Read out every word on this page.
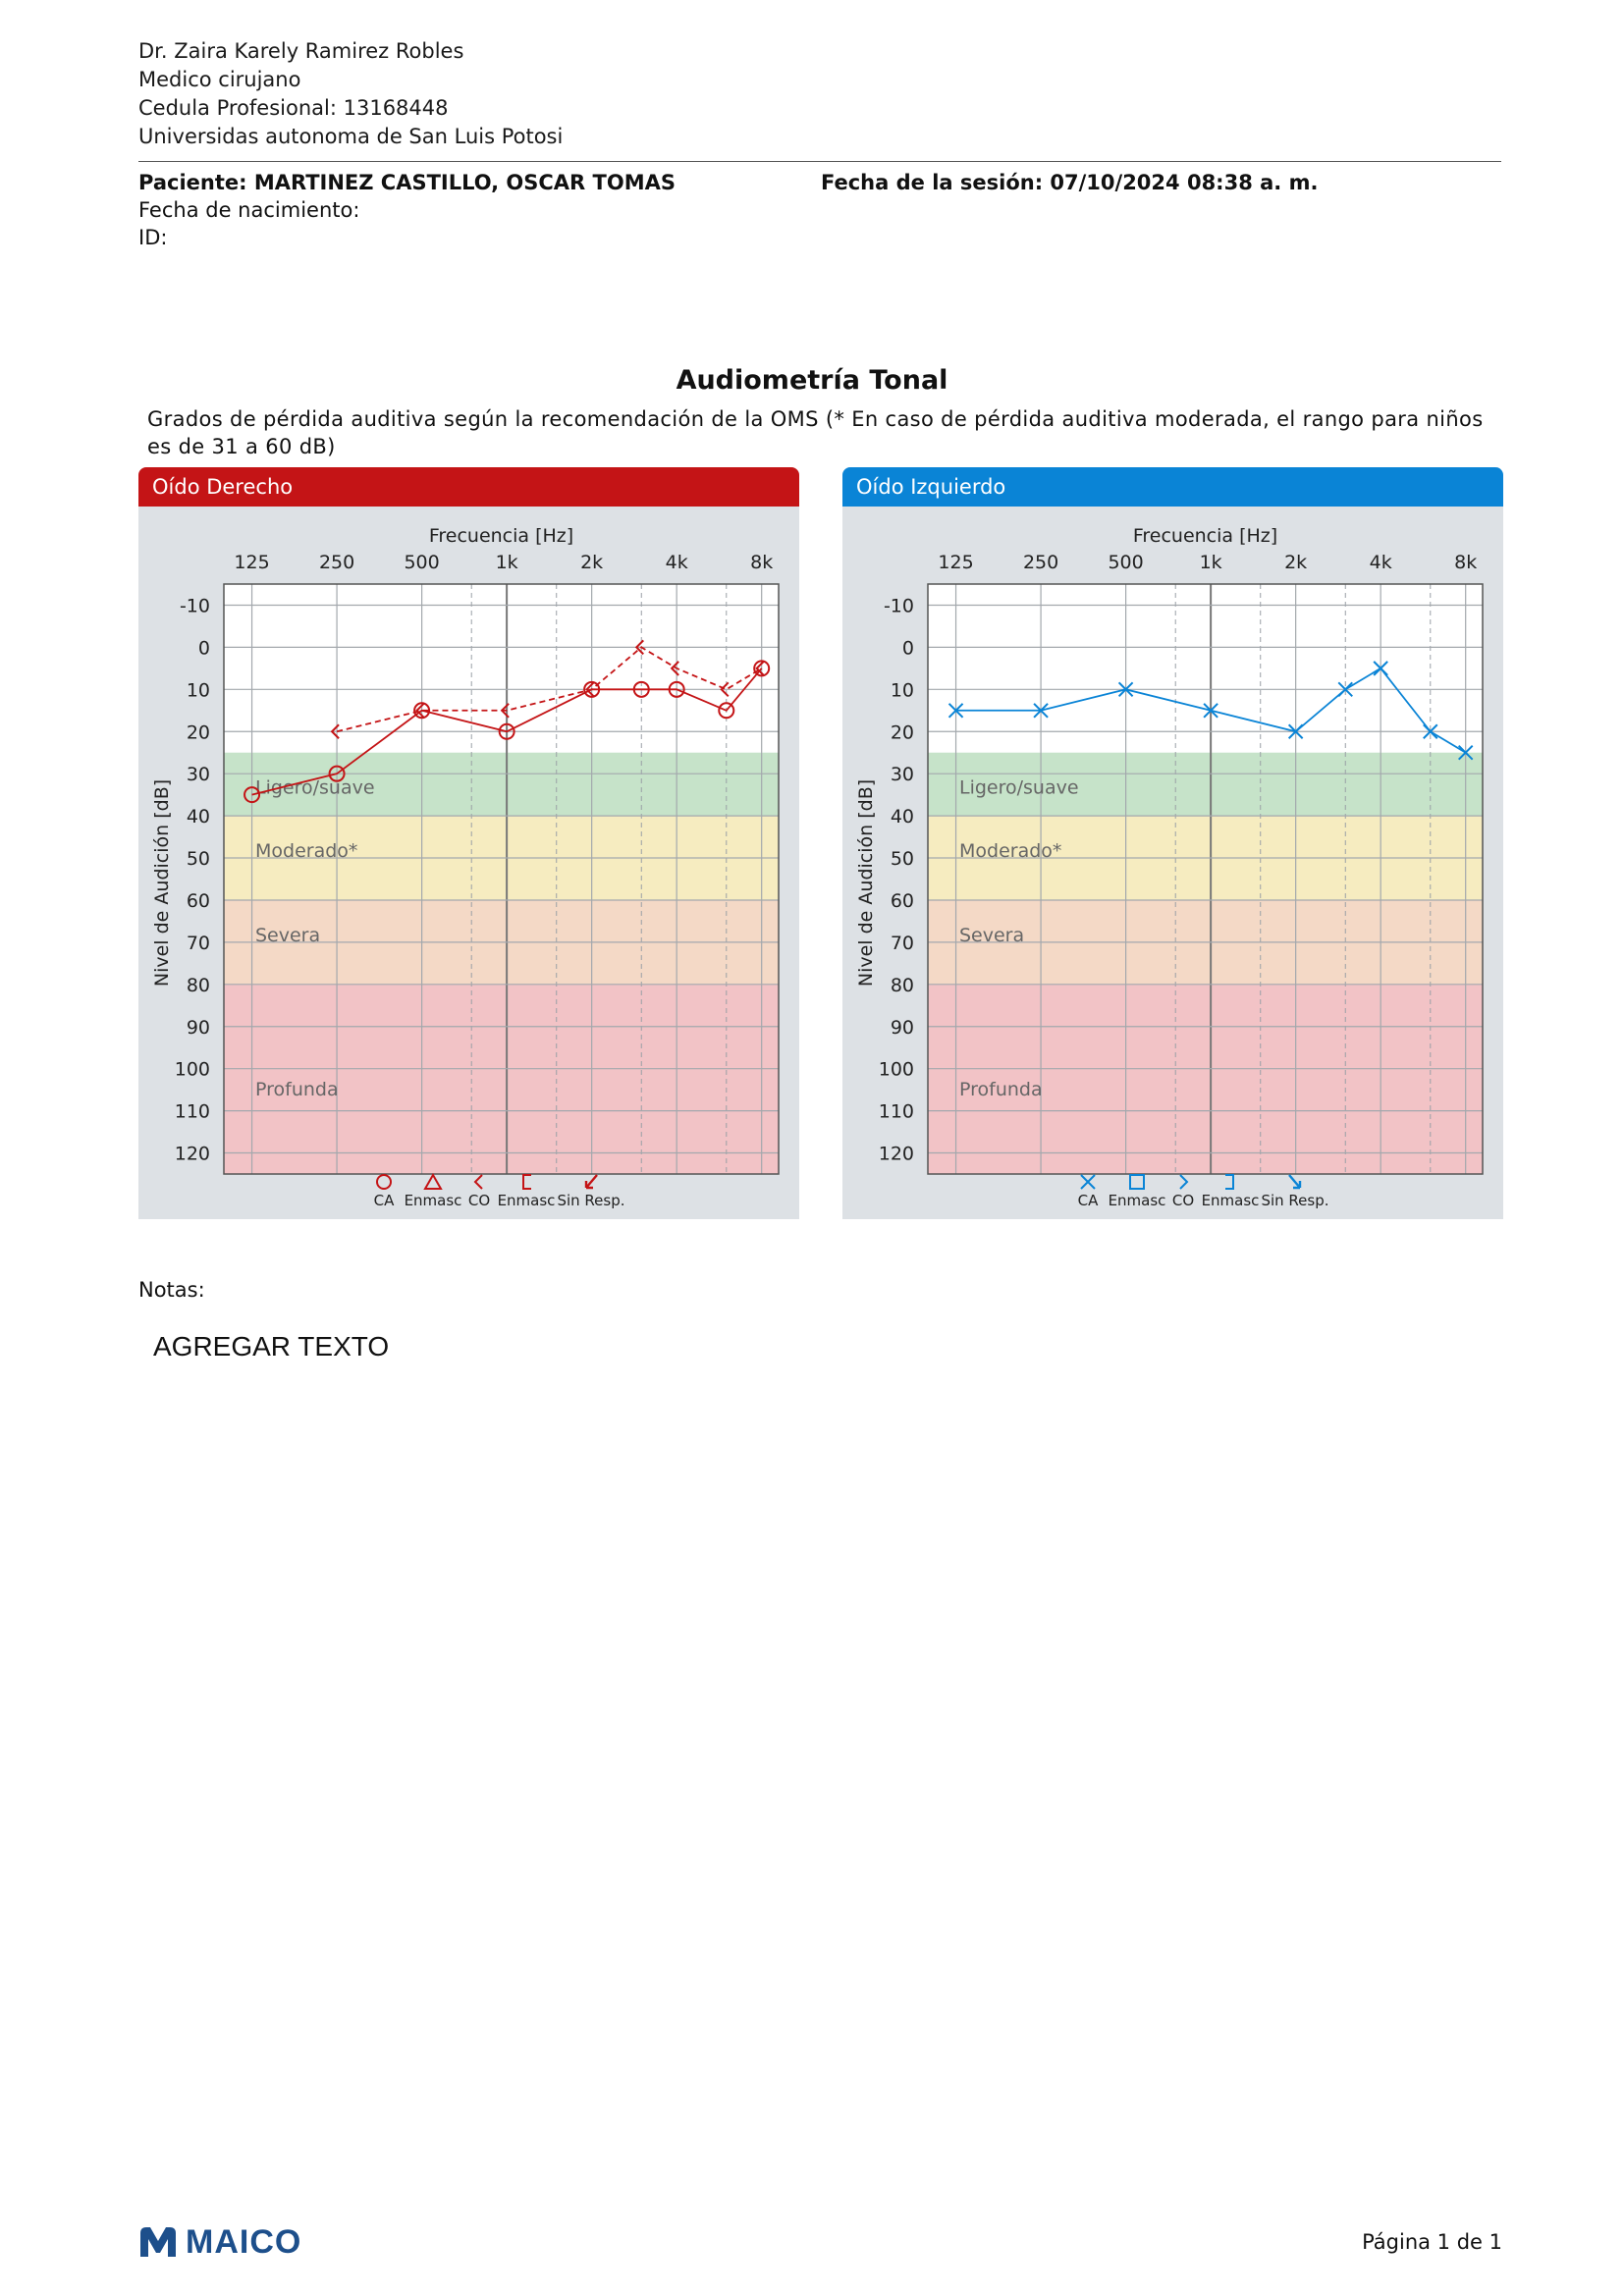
Dr. Zaira Karely Ramirez Robles
Medico cirujano
Cedula Profesional: 13168448
Universidas autonoma de San Luis Potosi
Paciente: MARTINEZ CASTILLO, OSCAR TOMAS
Fecha de nacimiento:
ID:
Fecha de la sesión: 07/10/2024 08:38 a. m.
Audiometría Tonal
Grados de pérdida auditiva según la recomendación de la OMS (* En caso de pérdida auditiva moderada, el rango para niños es de 31 a 60 dB)
Oído Derecho
Frecuencia [Hz]
125	250	500	1k	2k	4k	8k
-10
0
10
20
30
40
50
60
70
80
90
100
110
120
Nivel de Audición [dB]	Ligero/suave
Moderado*
Severa
Profunda
CA Enmasc CO Enmasc Sin Resp.
Oído Izquierdo
Frecuencia [Hz]
125	250	500	1k	2k	4k	8k
-10
0
10
20
30
40
50
60
70
80
90
100
110
120
Nivel de Audición [dB]	Ligero/suave
Moderado*
Severa
Profunda
CA Enmasc CO Enmasc Sin Resp.
Notas:
AGREGAR TEXTO
MAICO	Página 1 de 1
